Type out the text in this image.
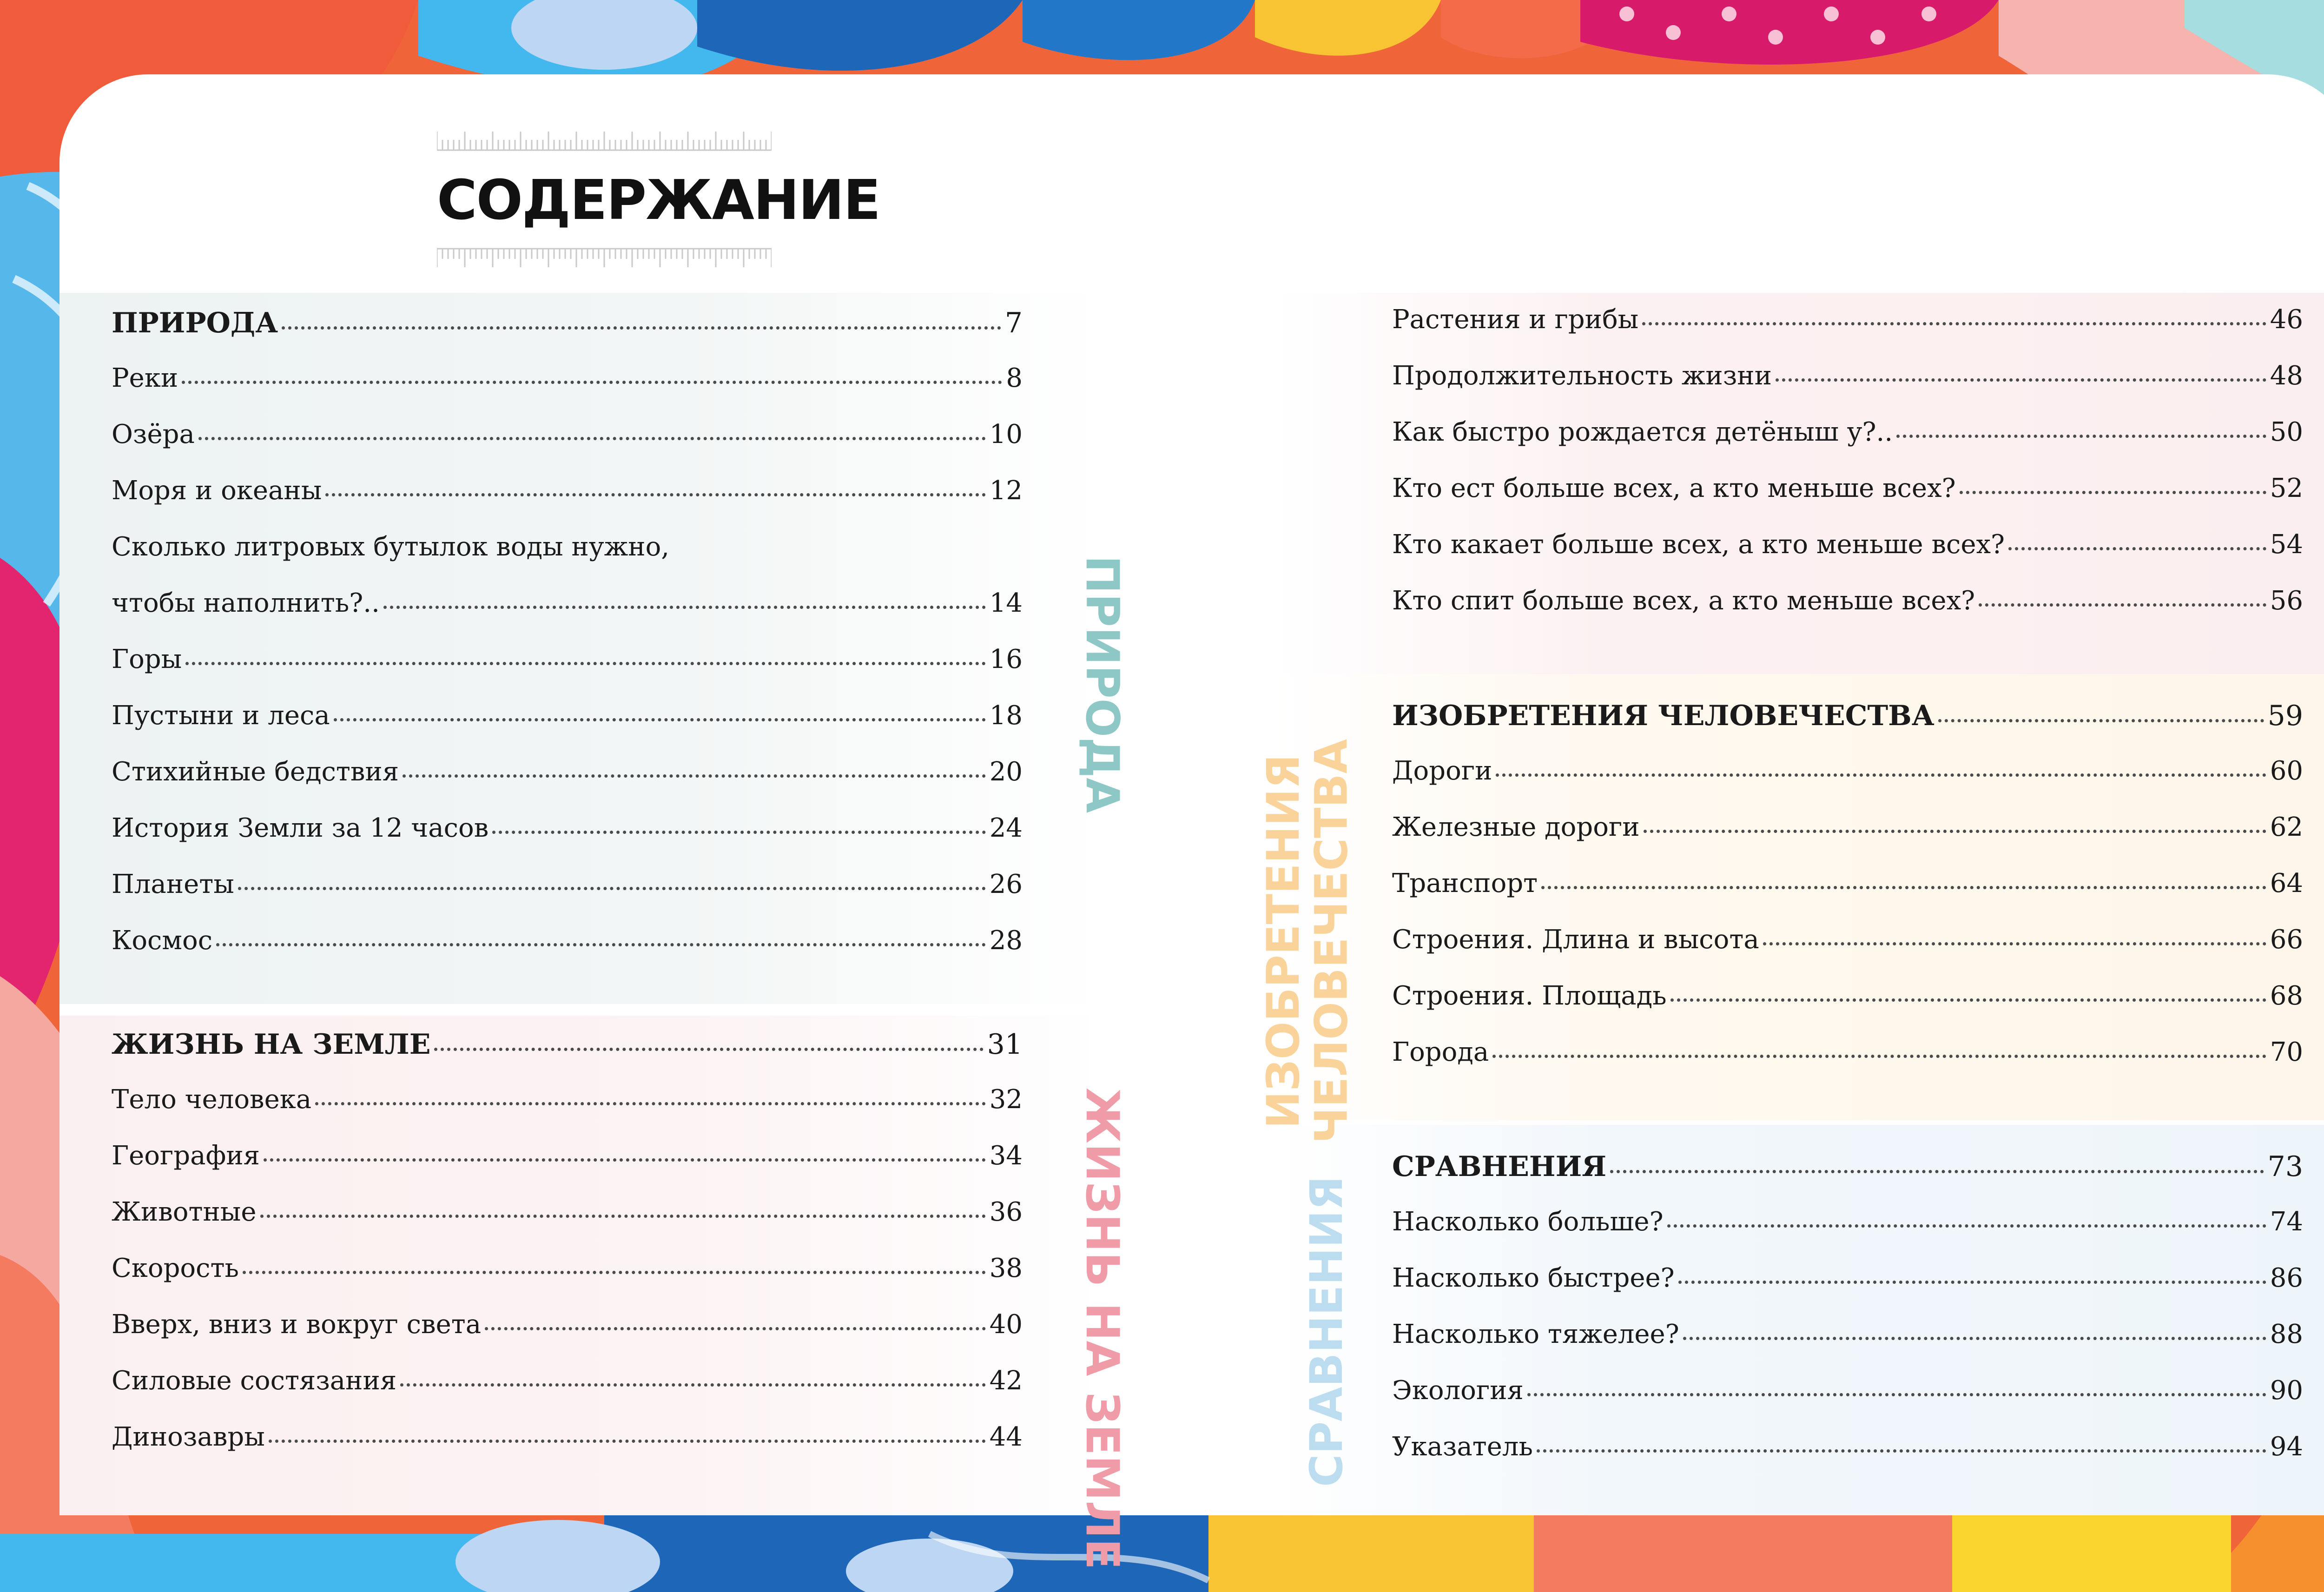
СОДЕРЖАНИЕ
ПРИРОДА
ЖИЗНЬ НА ЗЕМЛЕ
ИЗОБРЕТЕНИЯ
ЧЕЛОВЕЧЕСТВА
СРАВНЕНИЯ
ПРИРОДА	7
Реки	8
Озёра	10
Моря и океаны	12
Сколько литровых бутылок воды нужно,
чтобы наполнить?..	14
Горы	16
Пустыни и леса	18
Стихийные бедствия	20
История Земли за 12 часов	24
Планеты	26
Космос	28
ЖИЗНЬ НА ЗЕМЛЕ	31
Тело человека	32
География	34
Животные	36
Скорость	38
Вверх, вниз и вокруг света	40
Силовые состязания	42
Динозавры	44
Растения и грибы	46
Продолжительность жизни	48
Как быстро рождается детёныш у?..	50
Кто ест больше всех, а кто меньше всех?	52
Кто какает больше всех, а кто меньше всех?	54
Кто спит больше всех, а кто меньше всех?	56
ИЗОБРЕТЕНИЯ ЧЕЛОВЕЧЕСТВА	59
Дороги	60
Железные дороги	62
Транспорт	64
Строения. Длина и высота	66
Строения. Площадь	68
Города	70
СРАВНЕНИЯ	73
Насколько больше?	74
Насколько быстрее?	86
Насколько тяжелее?	88
Экология	90
Указатель	94
